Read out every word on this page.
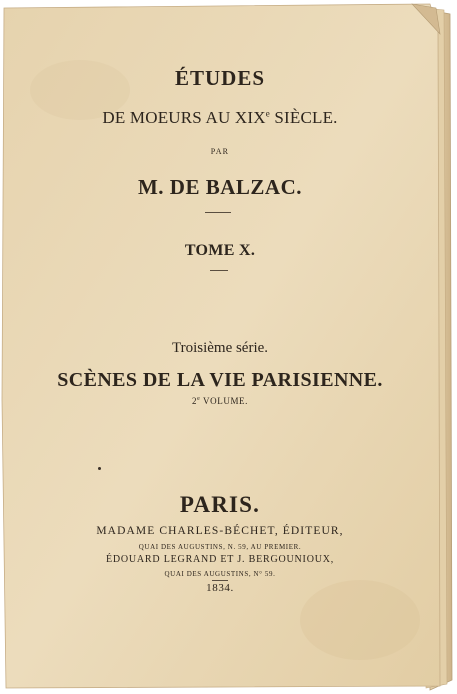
ÉTUDES
DE MOEURS AU XIXe SIÈCLE.
PAR
M. DE BALZAC.
TOME X.
Troisième série.
SCÈNES DE LA VIE PARISIENNE.
2e VOLUME.
PARIS.
MADAME CHARLES-BÉCHET, ÉDITEUR,
QUAI DES AUGUSTINS, N. 59, AU PREMIER.
ÉDOUARD LEGRAND ET J. BERGOUNIOUX,
QUAI DES AUGUSTINS, N° 59.
1834.
